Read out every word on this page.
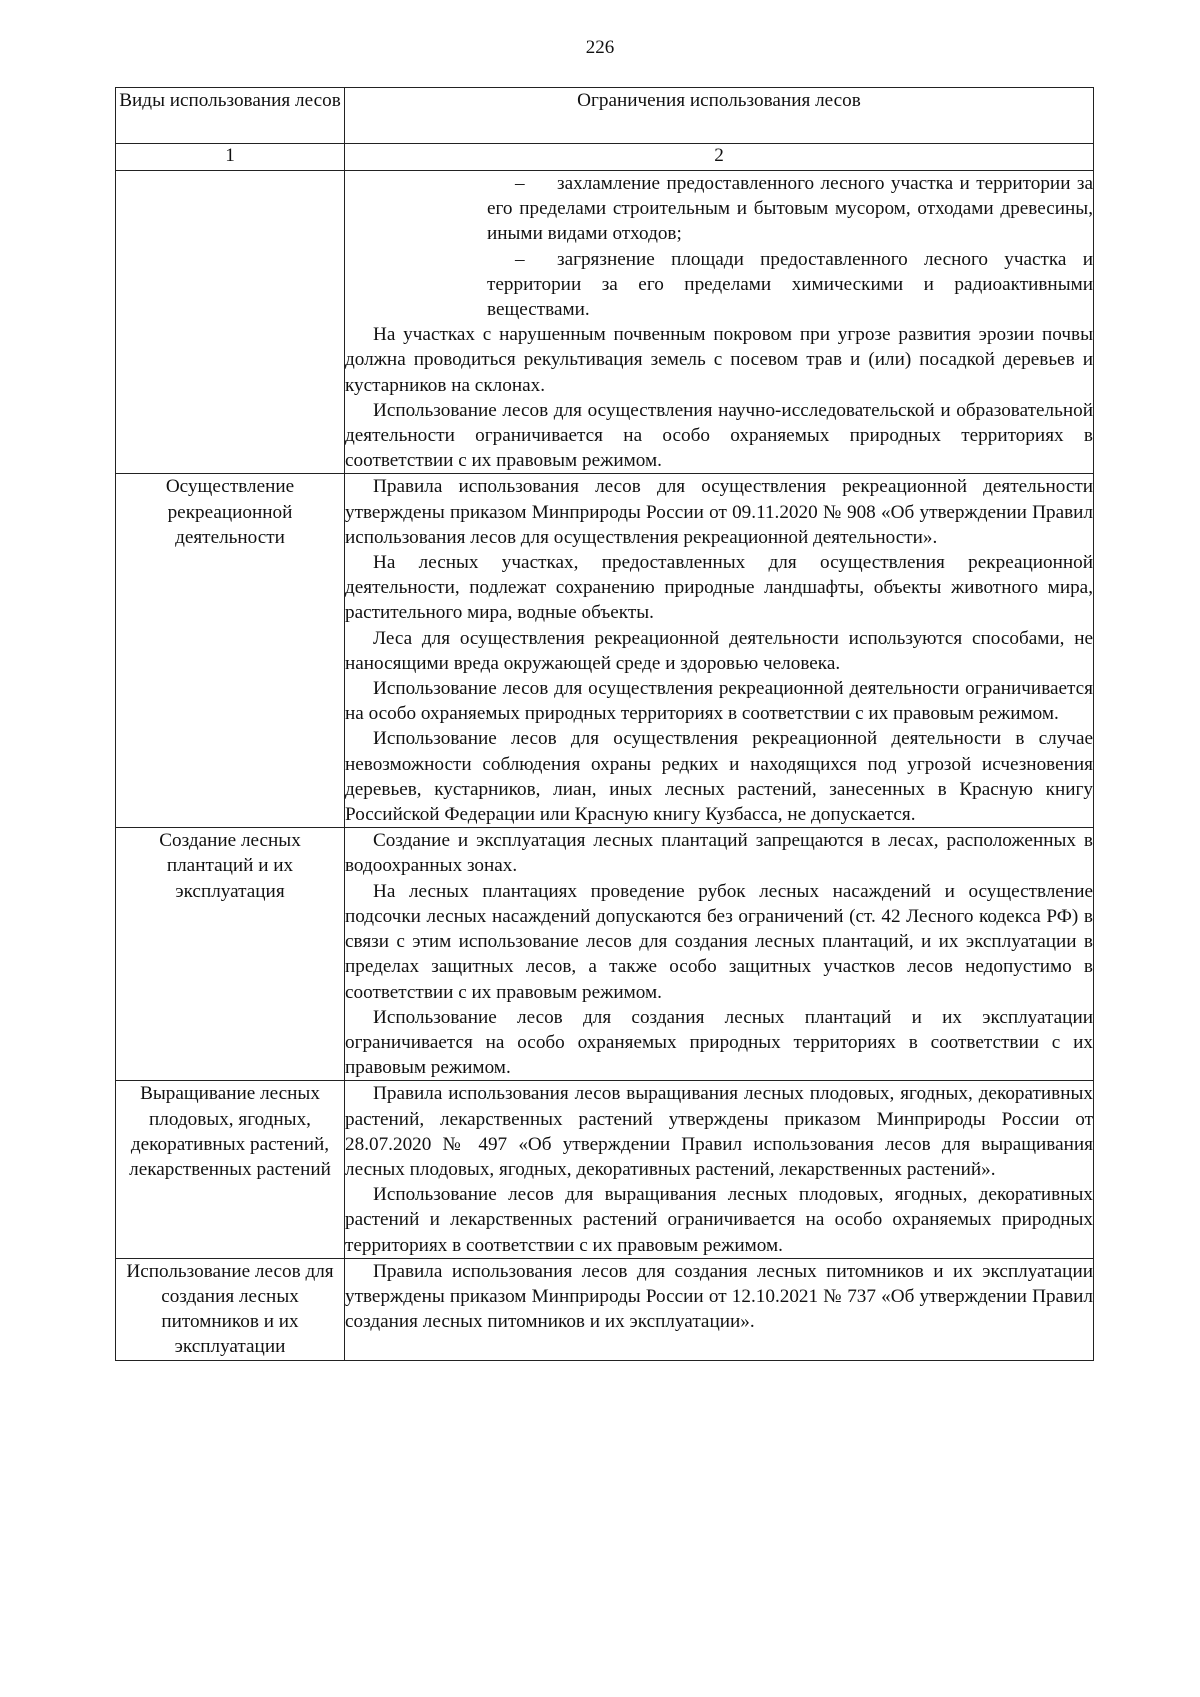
226
Виды использования лесов	Ограничения использования лесов
1	2

	– захламление предоставленного лесного участка и территории за его пределами строительным и бытовым мусором, отходами древесины, иными видами отходов;

– загрязнение площади предоставленного лесного участка и территории за его пределами химическими и радиоактивными веществами.

На участках с нарушенным почвенным покровом при угрозе развития эрозии почвы должна проводиться рекультивация земель с посевом трав и (или) посадкой деревьев и кустарников на склонах.

Использование лесов для осуществления научно-исследовательской и образовательной деятельности ограничивается на особо охраняемых природных территориях в соответствии с их правовым режимом.

Осуществление рекреационной деятельности	Правила использования лесов для осуществления рекреационной деятельности утверждены приказом Минприроды России от 09.11.2020 № 908 «Об утверждении Правил использования лесов для осуществления рекреационной деятельности».

На лесных участках, предоставленных для осуществления рекреационной деятельности, подлежат сохранению природные ландшафты, объекты животного мира, растительного мира, водные объекты.

Леса для осуществления рекреационной деятельности используются способами, не наносящими вреда окружающей среде и здоровью человека.

Использование лесов для осуществления рекреационной деятельности ограничивается на особо охраняемых природных территориях в соответствии с их правовым режимом.

Использование лесов для осуществления рекреационной деятельности в случае невозможности соблюдения охраны редких и находящихся под угрозой исчезновения деревьев, кустарников, лиан, иных лесных растений, занесенных в Красную книгу Российской Федерации или Красную книгу Кузбасса, не допускается.

Создание лесных плантаций и их эксплуатация	Создание и эксплуатация лесных плантаций запрещаются в лесах, расположенных в водоохранных зонах.

На лесных плантациях проведение рубок лесных насаждений и осуществление подсочки лесных насаждений допускаются без ограничений (ст. 42 Лесного кодекса РФ) в связи с этим использование лесов для создания лесных плантаций, и их эксплуатации в пределах защитных лесов, а также особо защитных участков лесов недопустимо в соответствии с их правовым режимом.

Использование лесов для создания лесных плантаций и их эксплуатации ограничивается на особо охраняемых природных территориях в соответствии с их правовым режимом.

Выращивание лесных плодовых, ягодных, декоративных растений, лекарственных растений	Правила использования лесов выращивания лесных плодовых, ягодных, декоративных растений, лекарственных растений утверждены приказом Минприроды России от 28.07.2020 № 497 «Об утверждении Правил использования лесов для выращивания лесных плодовых, ягодных, декоративных растений, лекарственных растений».

Использование лесов для выращивания лесных плодовых, ягодных, декоративных растений и лекарственных растений ограничивается на особо охраняемых природных территориях в соответствии с их правовым режимом.

Использование лесов для создания лесных питомников и их эксплуатации	Правила использования лесов для создания лесных питомников и их эксплуатации утверждены приказом Минприроды России от 12.10.2021 № 737 «Об утверждении Правил создания лесных питомников и их эксплуатации».
